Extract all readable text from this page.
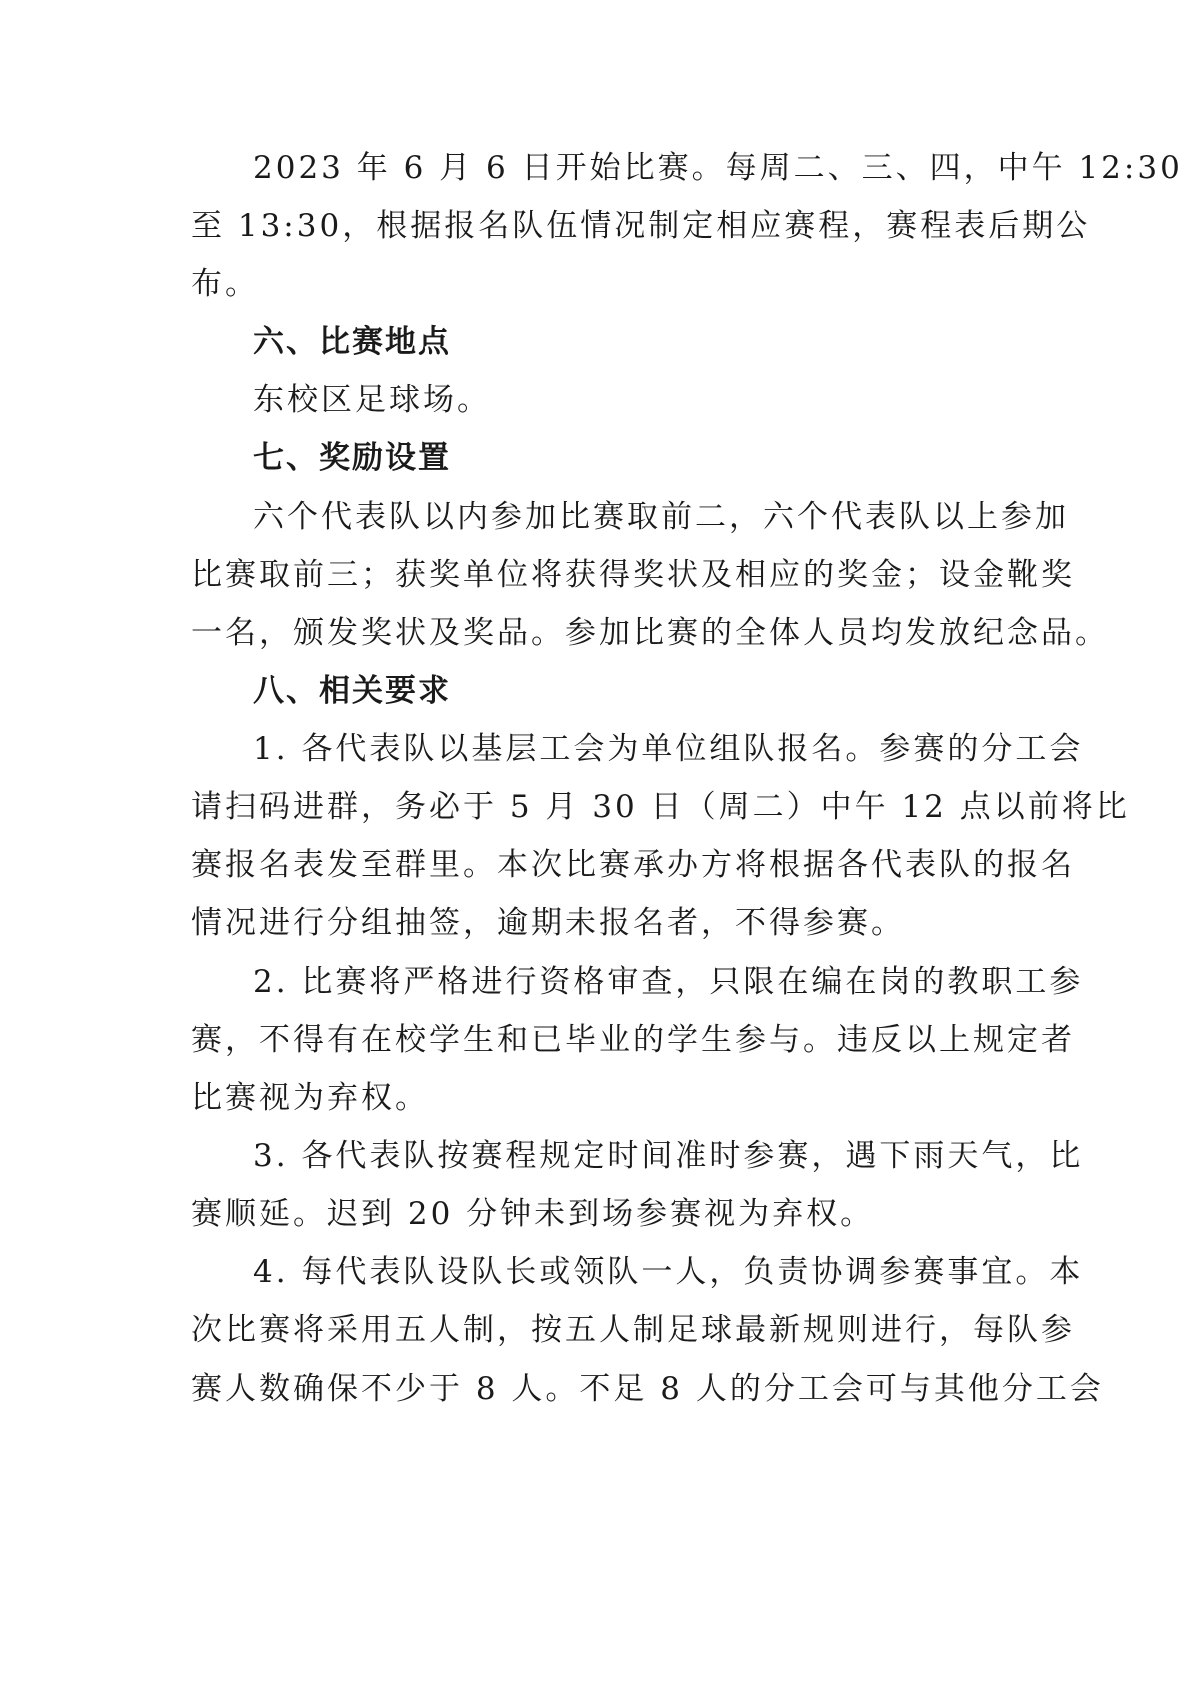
2023 年 6 月 6 日开始比赛。每周二、三、四，中午 12:30
至 13:30，根据报名队伍情况制定相应赛程，赛程表后期公
布。
六、比赛地点
东校区足球场。
七、奖励设置
六个代表队以内参加比赛取前二，六个代表队以上参加
比赛取前三；获奖单位将获得奖状及相应的奖金；设金靴奖
一名，颁发奖状及奖品。参加比赛的全体人员均发放纪念品。
八、相关要求
1. 各代表队以基层工会为单位组队报名。参赛的分工会
请扫码进群，务必于 5 月 30 日（周二）中午 12 点以前将比
赛报名表发至群里。本次比赛承办方将根据各代表队的报名
情况进行分组抽签，逾期未报名者，不得参赛。
2. 比赛将严格进行资格审查，只限在编在岗的教职工参
赛，不得有在校学生和已毕业的学生参与。违反以上规定者
比赛视为弃权。
3. 各代表队按赛程规定时间准时参赛，遇下雨天气，比
赛顺延。迟到 20 分钟未到场参赛视为弃权。
4. 每代表队设队长或领队一人，负责协调参赛事宜。本
次比赛将采用五人制，按五人制足球最新规则进行，每队参
赛人数确保不少于 8 人。不足 8 人的分工会可与其他分工会
